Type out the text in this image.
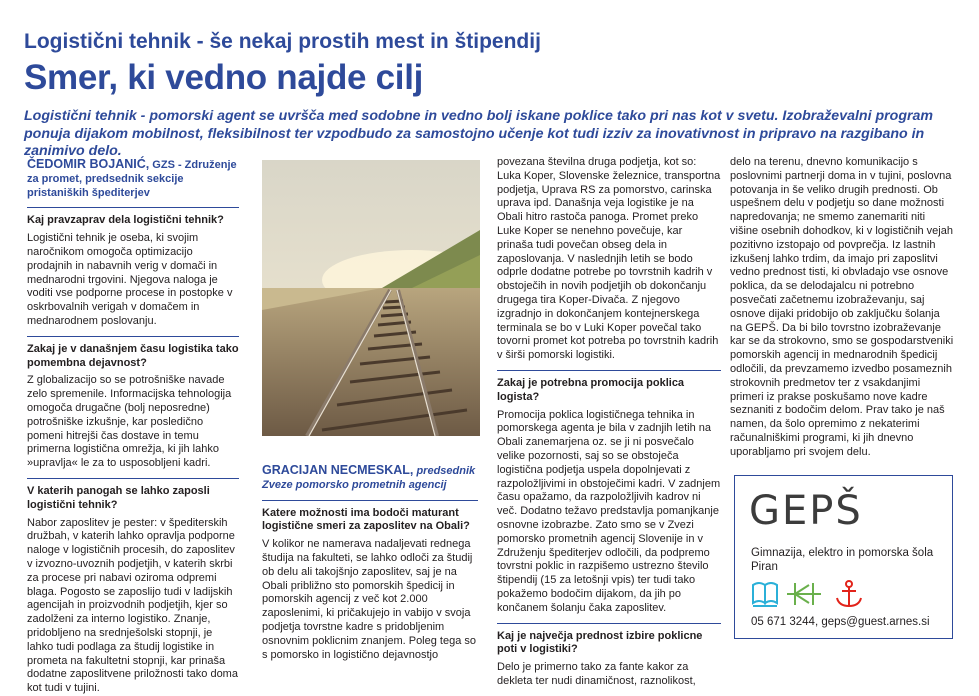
Logistični tehnik - še nekaj prostih mest in štipendij
Smer, ki vedno najde cilj
Logistični tehnik - pomorski agent se uvršča med sodobne in vedno bolj iskane poklice tako pri nas kot v svetu. Izobraževalni program ponuja dijakom mobilnost, fleksibilnost ter vzpodbudo za samostojno učenje kot tudi izziv za inovativnost in pripravo na razgibano in zanimivo delo.
ČEDOMIR BOJANIĆ, GZS - Združenje za promet, predsednik sekcije pristaniških špediterjev

Kaj pravzaprav dela logistični tehnik?

Logistični tehnik je oseba, ki svojim naročnikom omogoča optimizacijo prodajnih in nabavnih verig v domači in mednarodni trgovini. Njegova naloga je voditi vse podporne procese in postopke v oskrbovalnih verigah v domačem in mednarodnem poslovanju.

Zakaj je v današnjem času logistika tako pomembna dejavnost?

Z globalizacijo so se potrošniške navade zelo spremenile. Informacijska tehnologija omogoča drugačne (bolj neposredne) potrošniške izkušnje, kar posledično pomeni hitrejši čas dostave in temu primerna logistična omrežja, ki jih lahko »upravlja« le za to usposobljeni kadri.

V katerih panogah se lahko zaposli logistični tehnik?

Nabor zaposlitev je pester: v špediterskih družbah, v katerih lahko opravlja podporne naloge v logističnih procesih, do zaposlitev v izvozno-uvoznih podjetjih, v katerih skrbi za procese pri nabavi oziroma odpremi blaga. Pogosto se zaposlijo tudi v ladijskih agencijah in proizvodnih podjetjih, kjer so zadolženi za interno logistiko. Znanje, pridobljeno na srednješolski stopnji, je lahko tudi podlaga za študij logistike in prometa na fakultetni stopnji, kar prinaša dodatne zaposlitvene priložnosti tako doma kot tudi v tujini.

GRACIJAN NECMESKAL, predsednik Zveze pomorsko prometnih agencij

Katere možnosti ima bodoči maturant logistične smeri za zaposlitev na Obali?

V kolikor ne namerava nadaljevati rednega študija na fakulteti, se lahko odloči za študij ob delu ali takojšnjo zaposlitev, saj je na Obali približno sto pomorskih špedicij in pomorskih agencij z več kot 2.000 zaposlenimi, ki pričakujejo in vabijo v svoja podjetja tovrstne kadre s pridobljenim osnovnim poklicnim znanjem. Poleg tega so s pomorsko in logistično dejavnostjo

povezana številna druga podjetja, kot so: Luka Koper, Slovenske železnice, transportna podjetja, Uprava RS za pomorstvo, carinska uprava ipd. Današnja veja logistike je na Obali hitro rastoča panoga. Promet preko Luke Koper se nenehno povečuje, kar prinaša tudi povečan obseg dela in zaposlovanja. V naslednjih letih se bodo odprle dodatne potrebe po tovrstnih kadrih v obstoječih in novih podjetjih ob dokončanju drugega tira Koper-Divača. Z njegovo izgradnjo in dokončanjem kontejnerskega terminala se bo v Luki Koper povečal tako tovorni promet kot potreba po tovrstnih kadrih v širši pomorski logistiki.

Zakaj je potrebna promocija poklica logista?

Promocija poklica logističnega tehnika in pomorskega agenta je bila v zadnjih letih na Obali zanemarjena oz. se ji ni posvečalo velike pozornosti, saj so se obstoječa logistična podjetja uspela dopolnjevati z razpoložljivimi in obstoječimi kadri. V zadnjem času opažamo, da razpoložljivih kadrov ni več. Dodatno težavo predstavlja pomanjkanje osnovne izobrazbe. Zato smo se v Zvezi pomorsko prometnih agencij Slovenije in v Združenju špediterjev odločili, da podpremo tovrstni poklic in razpišemo ustrezno število štipendij (15 za letošnji vpis) ter tudi tako pokažemo bodočim dijakom, da jih po končanem šolanju čaka zaposlitev.

Kaj je največja prednost izbire poklicne poti v logistiki?

Delo je primerno tako za fante kakor za dekleta ter nudi dinamičnost, raznolikost,

delo na terenu, dnevno komunikacijo s poslovnimi partnerji doma in v tujini, poslovna potovanja in še veliko drugih prednosti. Ob uspešnem delu v podjetju so dane možnosti napredovanja; ne smemo zanemariti niti višine osebnih dohodkov, ki v logističnih vejah pozitivno izstopajo od povprečja. Iz lastnih izkušenj lahko trdim, da imajo pri zaposlitvi vedno prednost tisti, ki obvladajo vse osnove poklica, da se delodajalcu ni potrebno posvečati začetnemu izobraževanju, saj osnove dijaki pridobijo ob zaključku šolanja na GEPŠ. Da bi bilo tovrstno izobraževanje kar se da strokovno, smo se gospodarstveniki pomorskih agencij in mednarodnih špedicij odločili, da prevzamemo izvedbo posameznih strokovnih predmetov ter z vsakdanjimi primeri iz prakse poskušamo nove kadre seznaniti z bodočim delom. Prav tako je naš namen, da šolo opremimo z nekaterimi računalniškimi programi, ki jih dnevno uporabljamo pri svojem delu.

GEPŠ
Gimnazija, elektro in pomorska šola Piran
05 671 3244, geps@guest.arnes.si
